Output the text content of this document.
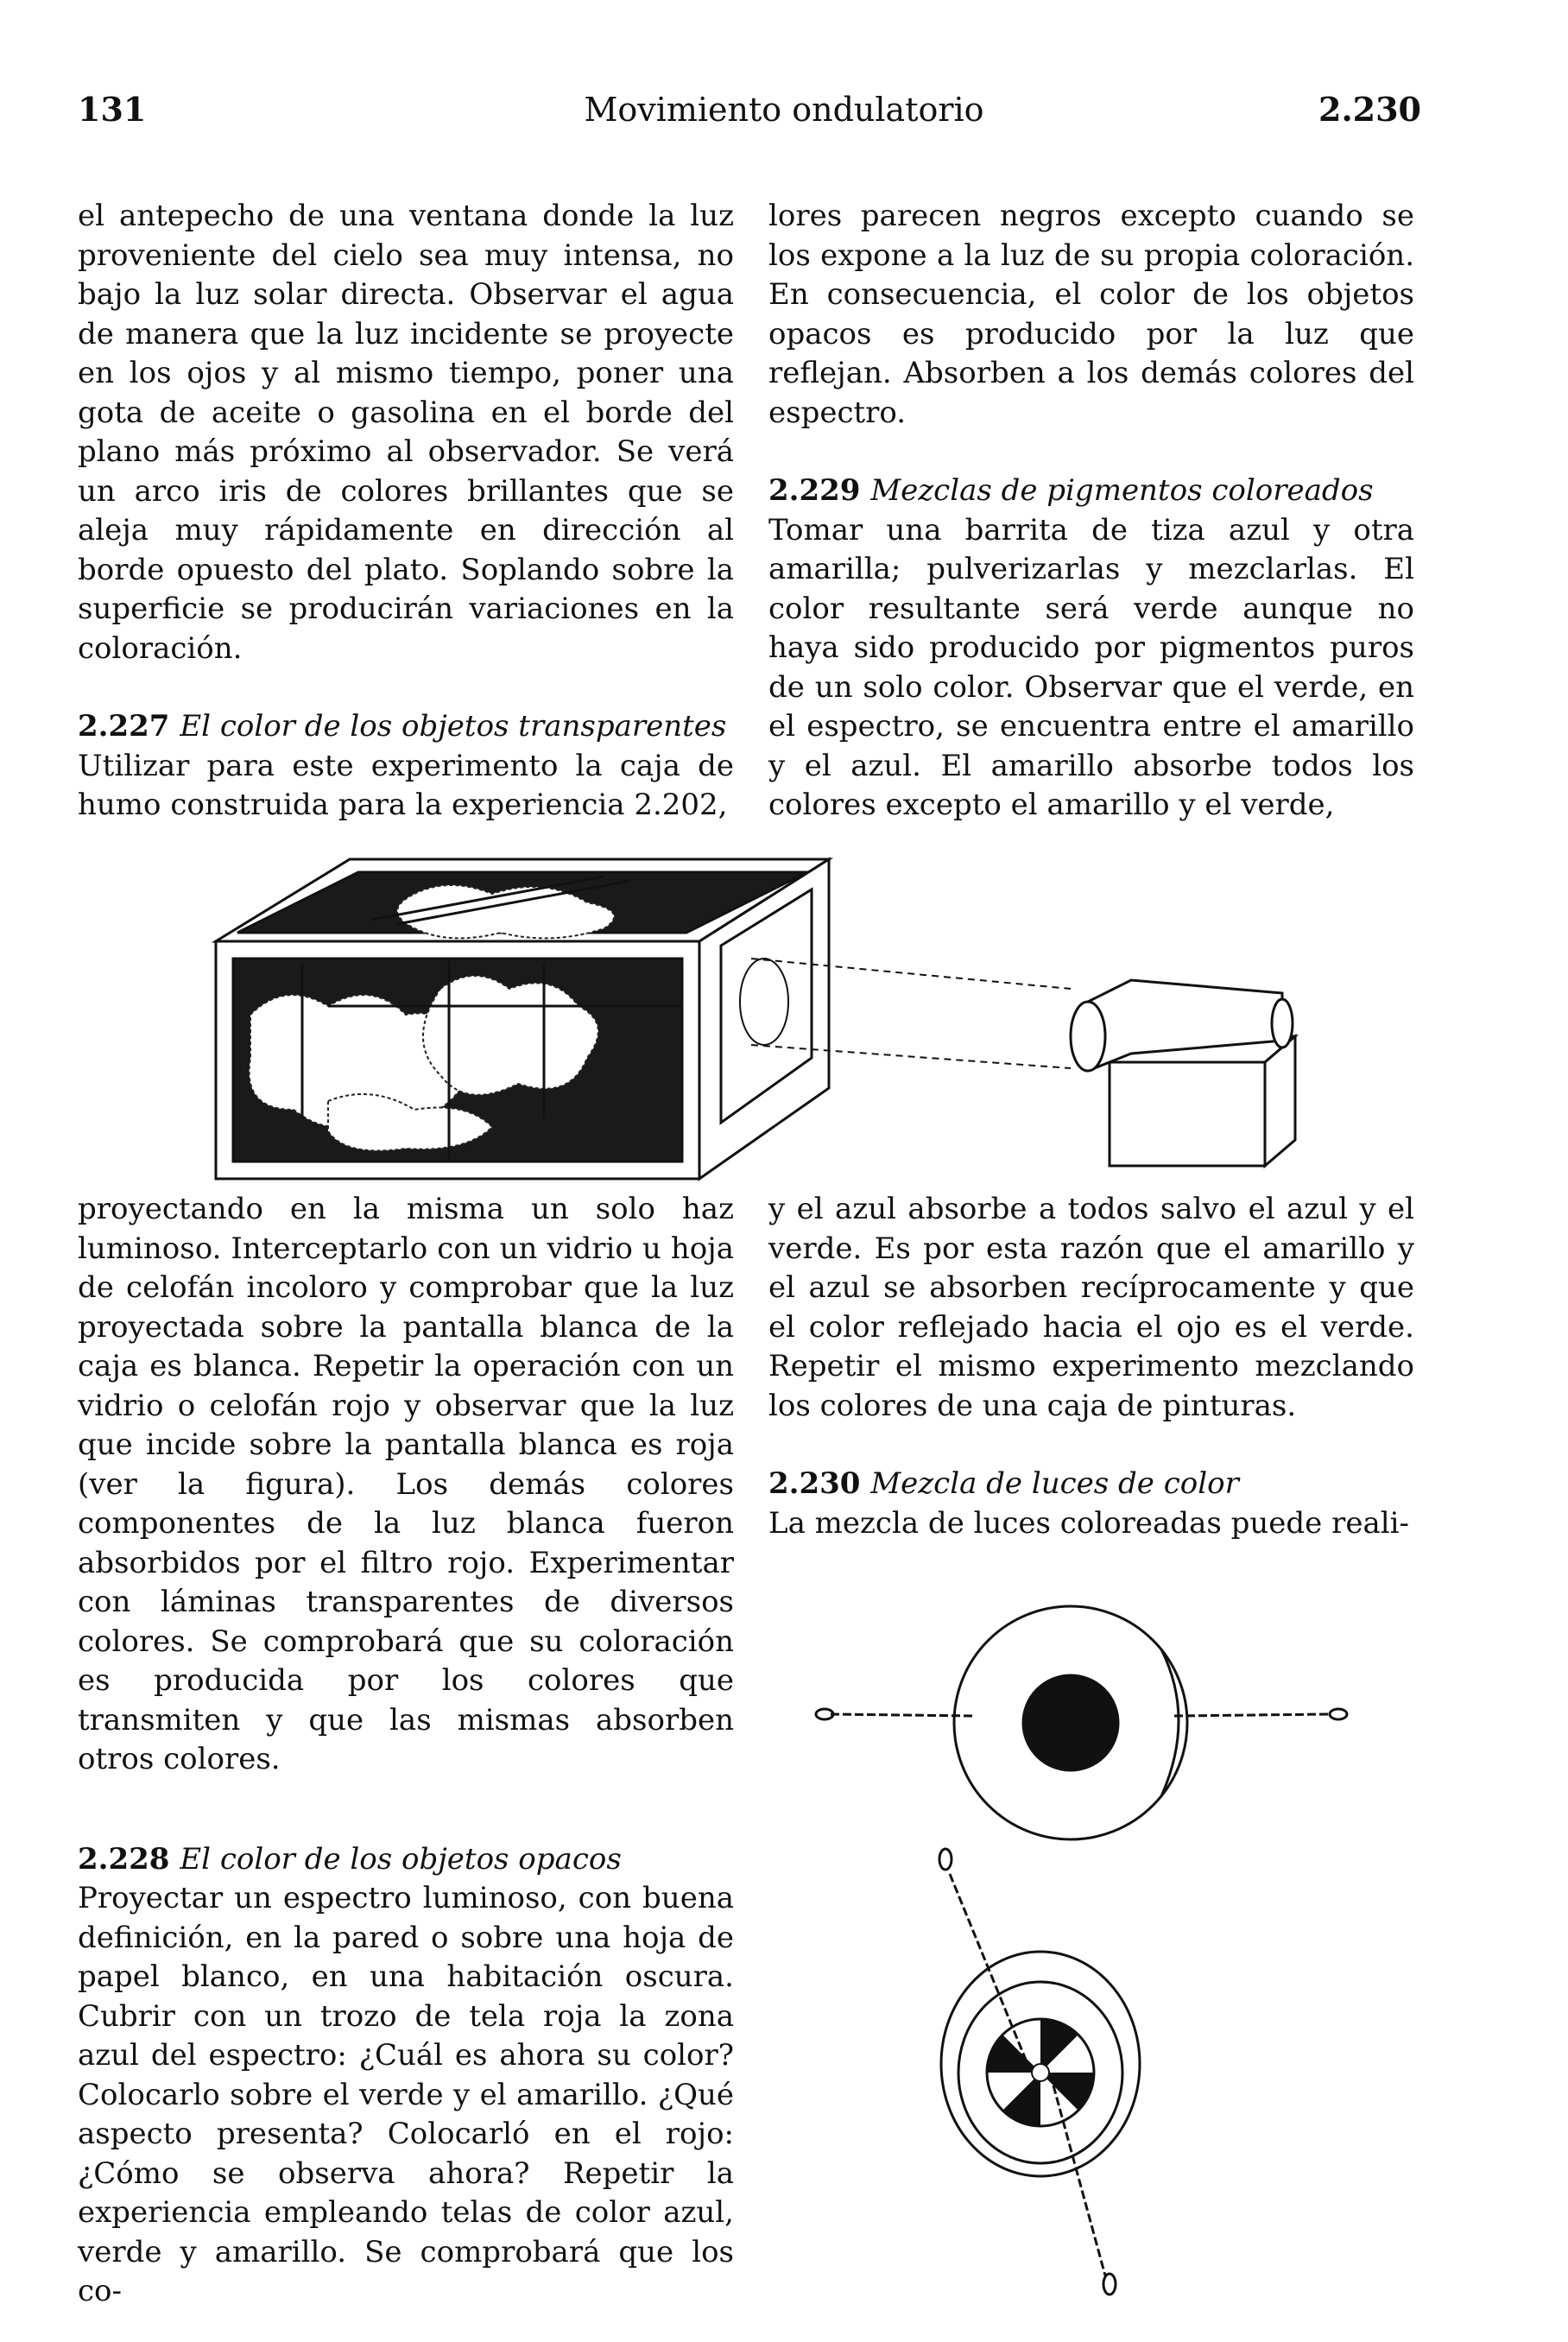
131	Movimiento ondulatorio	2.230

el antepecho de una ventana donde la luz proveniente del cielo sea muy intensa, no bajo la luz solar directa. Observar el agua de manera que la luz incidente se proyecte en los ojos y al mismo tiempo, poner una gota de aceite o gasolina en el borde del plano más próximo al observador. Se verá un arco iris de colores brillantes que se aleja muy rápidamente en dirección al borde opuesto del plato. Soplando sobre la superficie se producirán variaciones en la coloración.

2.227 El color de los objetos transparentes

Utilizar para este experimento la caja de humo construida para la experiencia 2.202,

lores parecen negros excepto cuando se los expone a la luz de su propia coloración. En consecuencia, el color de los objetos opacos es producido por la luz que reflejan. Absorben a los demás colores del espectro.

2.229 Mezclas de pigmentos coloreados

Tomar una barrita de tiza azul y otra amarilla; pulverizarlas y mezclarlas. El color resultante será verde aunque no haya sido producido por pigmentos puros de un solo color. Observar que el verde, en el espectro, se encuentra entre el amarillo y el azul. El amarillo absorbe todos los colores excepto el amarillo y el verde,

proyectando en la misma un solo haz luminoso. Interceptarlo con un vidrio u hoja de celofán incoloro y comprobar que la luz proyectada sobre la pantalla blanca de la caja es blanca. Repetir la operación con un vidrio o celofán rojo y observar que la luz que incide sobre la pantalla blanca es roja (ver la figura). Los demás colores componentes de la luz blanca fueron absorbidos por el filtro rojo. Experimentar con láminas transparentes de diversos colores. Se comprobará que su coloración es producida por los colores que transmiten y que las mismas absorben otros colores.

2.228 El color de los objetos opacos

Proyectar un espectro luminoso, con buena definición, en la pared o sobre una hoja de papel blanco, en una habitación oscura. Cubrir con un trozo de tela roja la zona azul del espectro: ¿Cuál es ahora su color? Colocarlo sobre el verde y el amarillo. ¿Qué aspecto presenta? Colocarló en el rojo: ¿Cómo se observa ahora? Repetir la experiencia empleando telas de color azul, verde y amarillo. Se comprobará que los co-

y el azul absorbe a todos salvo el azul y el verde. Es por esta razón que el amarillo y el azul se absorben recíprocamente y que el color reflejado hacia el ojo es el verde. Repetir el mismo experimento mezclando los colores de una caja de pinturas.

2.230 Mezcla de luces de color

La mezcla de luces coloreadas puede reali-
